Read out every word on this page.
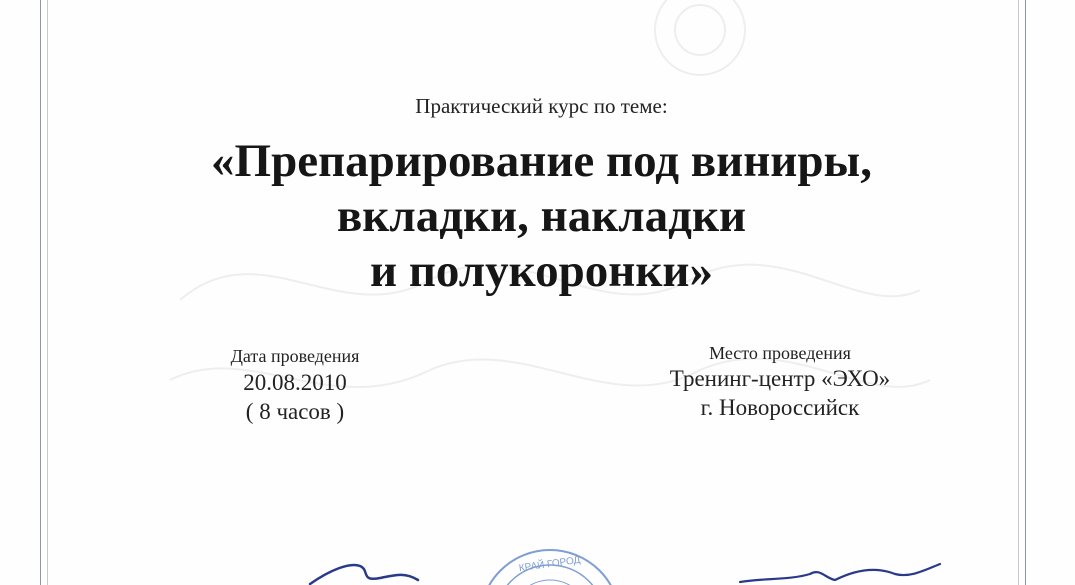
Практический курс по теме:
«Препарирование под виниры,
вкладки, накладки
и полукоронки»
Дата проведения
20.08.2010
( 8 часов )
Место проведения
Тренинг-центр «ЭХО»
г. Новороссийск
КРАЙ ГОРОД
